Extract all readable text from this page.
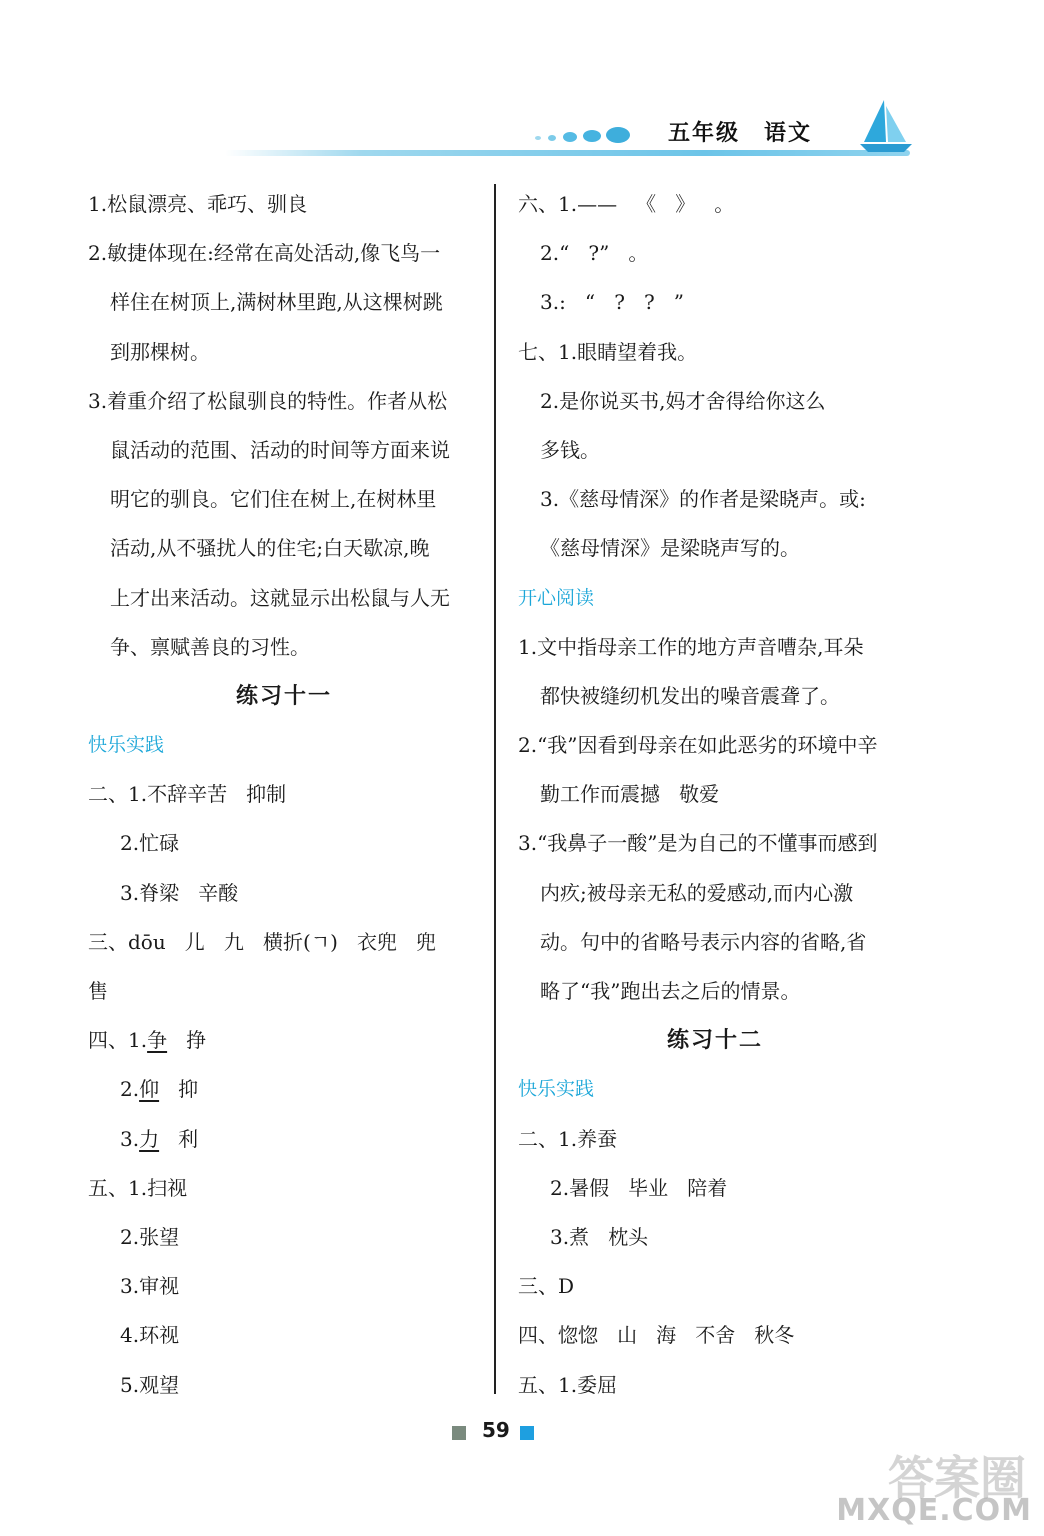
五年级 语文
1.松鼠漂亮、乖巧、驯良
2.敏捷体现在:经常在高处活动,像飞鸟一
样住在树顶上,满树林里跑,从这棵树跳
到那棵树。
3.着重介绍了松鼠驯良的特性。作者从松
鼠活动的范围、活动的时间等方面来说
明它的驯良。它们住在树上,在树林里
活动,从不骚扰人的住宅;白天歇凉,晚
上才出来活动。这就显示出松鼠与人无
争、禀赋善良的习性。
练习十一
快乐实践
二、1.不辞辛苦   抑制
2.忙碌
3.脊梁   辛酸
三、dōu   儿   九   横折(ㄱ)   衣兜   兜
售
四、1.争   挣
2.仰   抑
3.力   利
五、1.扫视
2.张望
3.审视
4.环视
5.观望
六、1.——   《   》   。
2.“   ?”   。
3.:   “   ?   ?   ”
七、1.眼睛望着我。
2.是你说买书,妈才舍得给你这么
多钱。
3.《慈母情深》的作者是梁晓声。或:
《慈母情深》是梁晓声写的。
开心阅读
1.文中指母亲工作的地方声音嘈杂,耳朵
都快被缝纫机发出的噪音震聋了。
2.“我”因看到母亲在如此恶劣的环境中辛
勤工作而震撼   敬爱
3.“我鼻子一酸”是为自己的不懂事而感到
内疚;被母亲无私的爱感动,而内心激
动。句中的省略号表示内容的省略,省
略了“我”跑出去之后的情景。
练习十二
快乐实践
二、1.养蚕
2.暑假   毕业   陪着
3.煮   枕头
三、D
四、惚惚   山   海   不舍   秋冬
五、1.委屈
59
答案圈
MXQE.COM
